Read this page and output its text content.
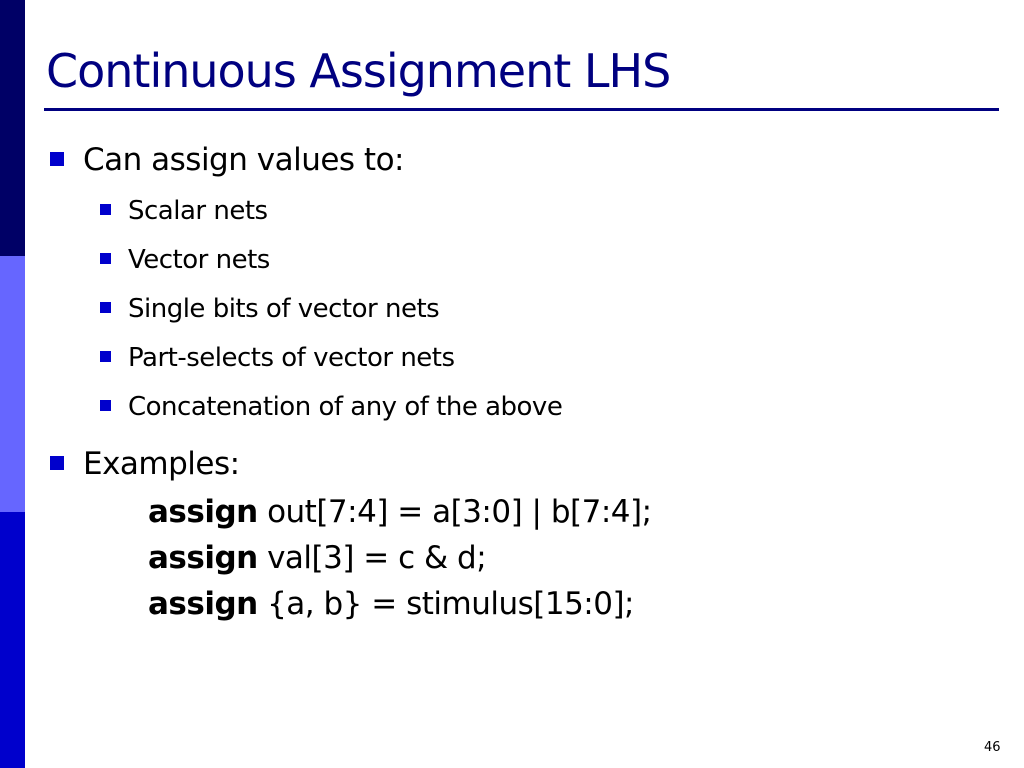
Continuous Assignment LHS
Can assign values to:
Scalar nets
Vector nets
Single bits of vector nets
Part-selects of vector nets
Concatenation of any of the above
Examples:
assign out[7:4] = a[3:0] | b[7:4];
assign val[3] = c & d;
assign {a, b} = stimulus[15:0];
46
